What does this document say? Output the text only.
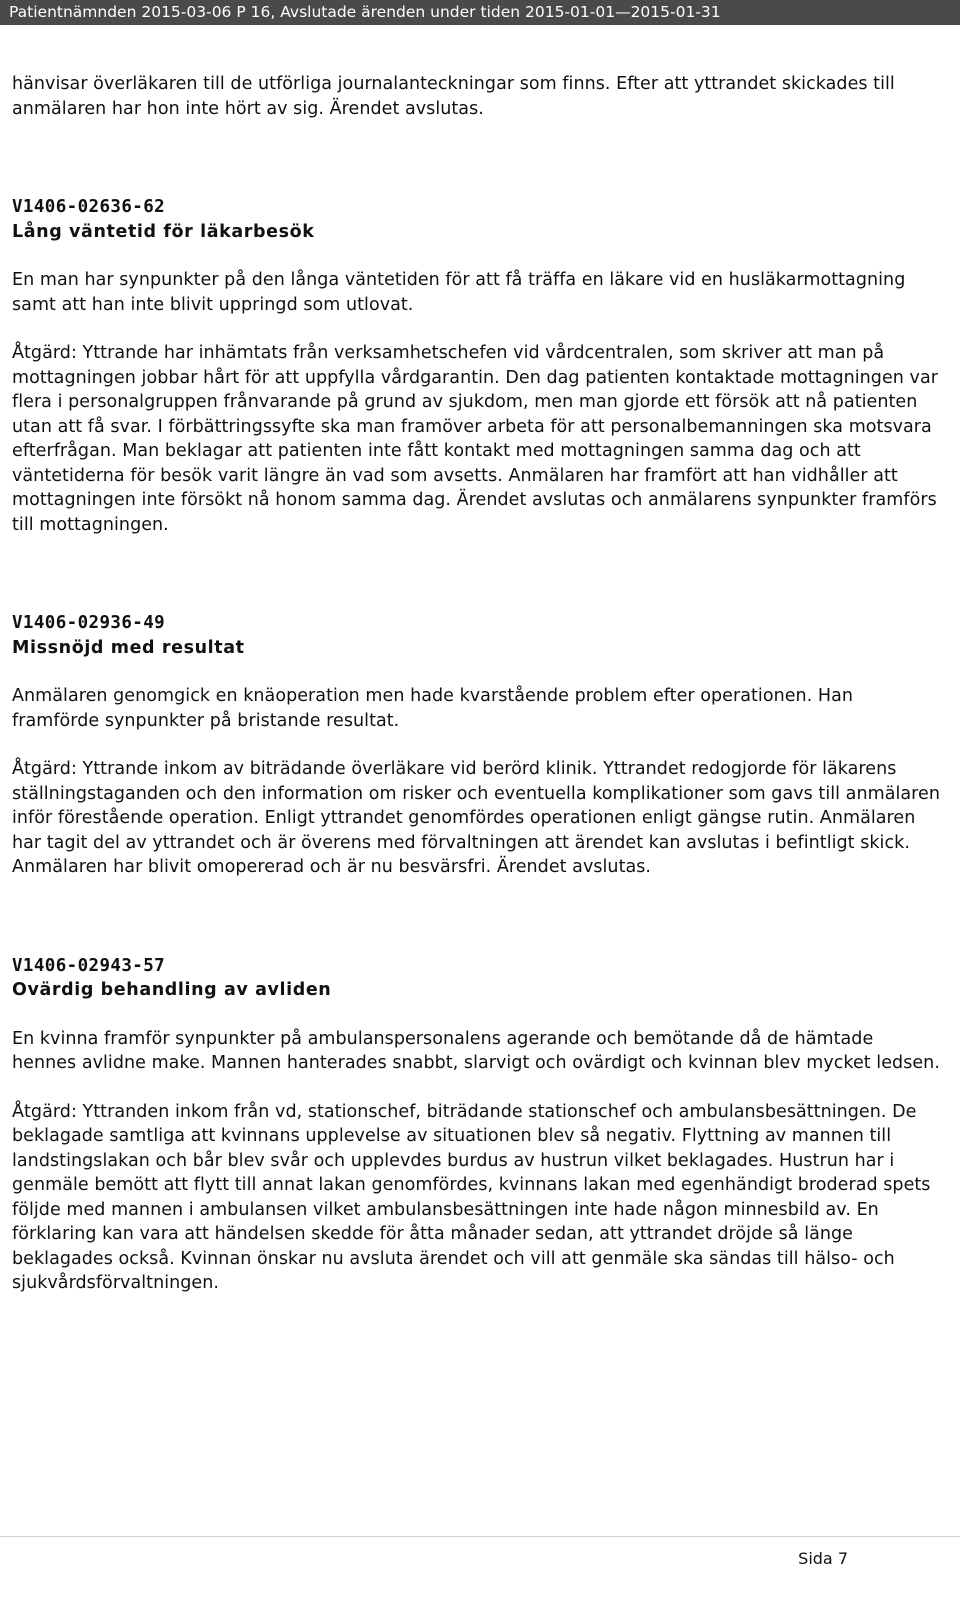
Patientnämnden 2015-03-06 P 16, Avslutade ärenden under tiden 2015-01-01—2015-01-31

hänvisar överläkaren till de utförliga journalanteckningar som finns. Efter att yttrandet skickades till anmälaren har hon inte hört av sig. Ärendet avslutas.

V1406-02636-62

Lång väntetid för läkarbesök

En man har synpunkter på den långa väntetiden för att få träffa en läkare vid en husläkarmottagning samt att han inte blivit uppringd som utlovat.

Åtgärd: Yttrande har inhämtats från verksamhetschefen vid vårdcentralen, som skriver att man på mottagningen jobbar hårt för att uppfylla vårdgarantin. Den dag patienten kontaktade mottagningen var flera i personalgruppen frånvarande på grund av sjukdom, men man gjorde ett försök att nå patienten utan att få svar. I förbättringssyfte ska man framöver arbeta för att personalbemanningen ska motsvara efterfrågan. Man beklagar att patienten inte fått kontakt med mottagningen samma dag och att väntetiderna för besök varit längre än vad som avsetts. Anmälaren har framfört att han vidhåller att mottagningen inte försökt nå honom samma dag. Ärendet avslutas och anmälarens synpunkter framförs till mottagningen.

V1406-02936-49

Missnöjd med resultat

Anmälaren genomgick en knäoperation men hade kvarstående problem efter operationen. Han framförde synpunkter på bristande resultat.

Åtgärd: Yttrande inkom av biträdande överläkare vid berörd klinik. Yttrandet redogjorde för läkarens ställningstaganden och den information om risker och eventuella komplikationer som gavs till anmälaren inför förestående operation. Enligt yttrandet genomfördes operationen enligt gängse rutin. Anmälaren har tagit del av yttrandet och är överens med förvaltningen att ärendet kan avslutas i befintligt skick. Anmälaren har blivit omopererad och är nu besvärsfri. Ärendet avslutas.

V1406-02943-57

Ovärdig behandling av avliden

En kvinna framför synpunkter på ambulanspersonalens agerande och bemötande då de hämtade hennes avlidne make. Mannen hanterades snabbt, slarvigt och ovärdigt och kvinnan blev mycket ledsen.

Åtgärd: Yttranden inkom från vd, stationschef, biträdande stationschef och ambulansbesättningen. De beklagade samtliga att kvinnans upplevelse av situationen blev så negativ. Flyttning av mannen till landstingslakan och bår blev svår och upplevdes burdus av hustrun vilket beklagades. Hustrun har i genmäle bemött att flytt till annat lakan genomfördes, kvinnans lakan med egenhändigt broderad spets följde med mannen i ambulansen vilket ambulansbesättningen inte hade någon minnesbild av. En förklaring kan vara att händelsen skedde för åtta månader sedan, att yttrandet dröjde så länge beklagades också. Kvinnan önskar nu avsluta ärendet och vill att genmäle ska sändas till hälso- och sjukvårdsförvaltningen.

Sida 7
